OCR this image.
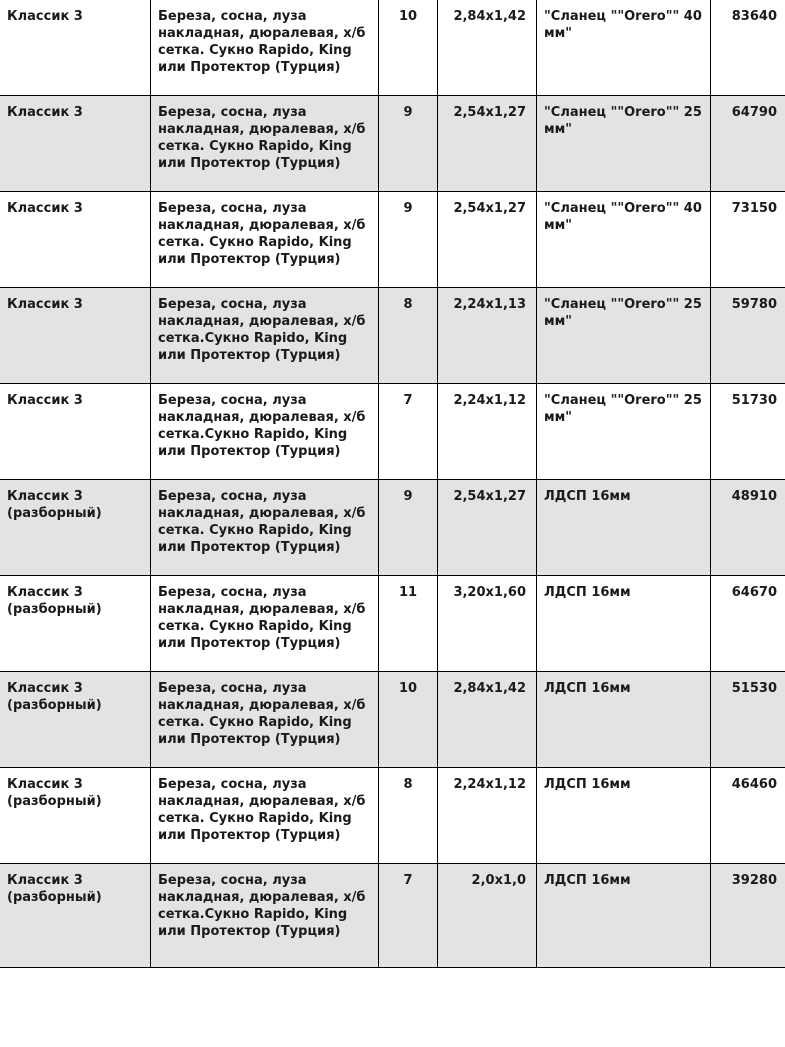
Классик 3	Береза, сосна, луза накладная, дюралевая, х/б сетка. Сукно Rapido, King или Протектор (Турция)	10	2,84х1,42	"Сланец ""Orero"" 40 мм"	83640
Классик 3	Береза, сосна, луза накладная, дюралевая, х/б сетка. Сукно Rapido, King или Протектор (Турция)	9	2,54х1,27	"Сланец ""Orero"" 25 мм"	64790
Классик 3	Береза, сосна, луза накладная, дюралевая, х/б сетка. Сукно Rapido, King или Протектор (Турция)	9	2,54х1,27	"Сланец ""Orero"" 40 мм"	73150
Классик 3	Береза, сосна, луза накладная, дюралевая, х/б сетка.Сукно Rapido, King или Протектор (Турция)	8	2,24х1,13	"Сланец ""Orero"" 25 мм"	59780
Классик 3	Береза, сосна, луза накладная, дюралевая, х/б сетка.Сукно Rapido, King или Протектор (Турция)	7	2,24х1,12	"Сланец ""Orero"" 25 мм"	51730
Классик 3 (разборный)	Береза, сосна, луза накладная, дюралевая, х/б сетка. Сукно Rapido, King или Протектор (Турция)	9	2,54х1,27	ЛДСП 16мм	48910
Классик 3 (разборный)	Береза, сосна, луза накладная, дюралевая, х/б сетка. Сукно Rapido, King или Протектор (Турция)	11	3,20х1,60	ЛДСП 16мм	64670
Классик 3 (разборный)	Береза, сосна, луза накладная, дюралевая, х/б сетка. Сукно Rapido, King или Протектор (Турция)	10	2,84х1,42	ЛДСП 16мм	51530
Классик 3 (разборный)	Береза, сосна, луза накладная, дюралевая, х/б сетка. Сукно Rapido, King или Протектор (Турция)	8	2,24х1,12	ЛДСП 16мм	46460
Классик 3 (разборный)	Береза, сосна, луза накладная, дюралевая, х/б сетка.Сукно Rapido, King или Протектор (Турция)	7	2,0х1,0	ЛДСП 16мм	39280
